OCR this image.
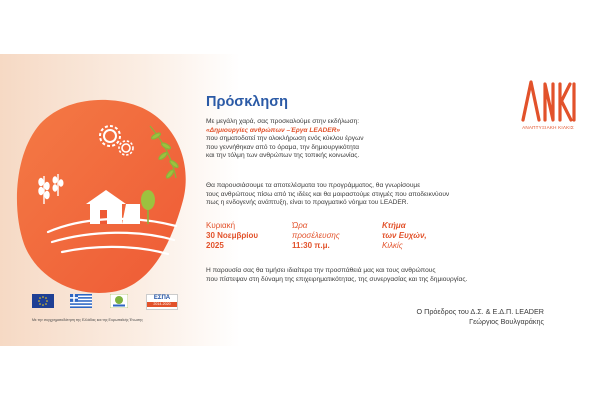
ΕΣΠΑ
2014-2020
Με την συγχρηματοδότηση της Ελλάδας και της Ευρωπαϊκής Ένωσης
Πρόσκληση

Με μεγάλη χαρά, σας προσκαλούμε στην εκδήλωση:
«Δημιουργίες ανθρώπων –Έργα LEADER»
που σηματοδοτεί την ολοκλήρωση ενός κύκλου έργων
που γεννήθηκαν από το όραμα, την δημιουργικότητα
και την τόλμη των ανθρώπων της τοπικής κοινωνίας.

Θα παρουσιάσουμε τα αποτελέσματα του προγράμματος, θα γνωρίσουμε
τους ανθρώπους πίσω από τις ιδέες και θα μοιραστούμε στιγμές που αποδεικνύουν
πως η ενδογενής ανάπτυξη, είναι το πραγματικό νόημα του LEADER.

Κυριακή
30 Νοεμβρίου
2025
Ώρα
προσέλευσης
11:30 π.μ.
Κτήμα
των Ευχών,
Κιλκίς

Η παρουσία σας θα τιμήσει ιδιαίτερα την προσπάθειά μας και τους ανθρώπους
που πίστεψαν στη δύναμη της επιχειρηματικότητας, της συνεργασίας και της δημιουργίας.

Ο Πρόεδρος του Δ.Σ. & Ε.Δ.Π. LEADER
Γεώργιος Βουλγαράκης
ΑΝΑΠΤΥΞΙΑΚΗ ΚΙΛΚΙΣ
